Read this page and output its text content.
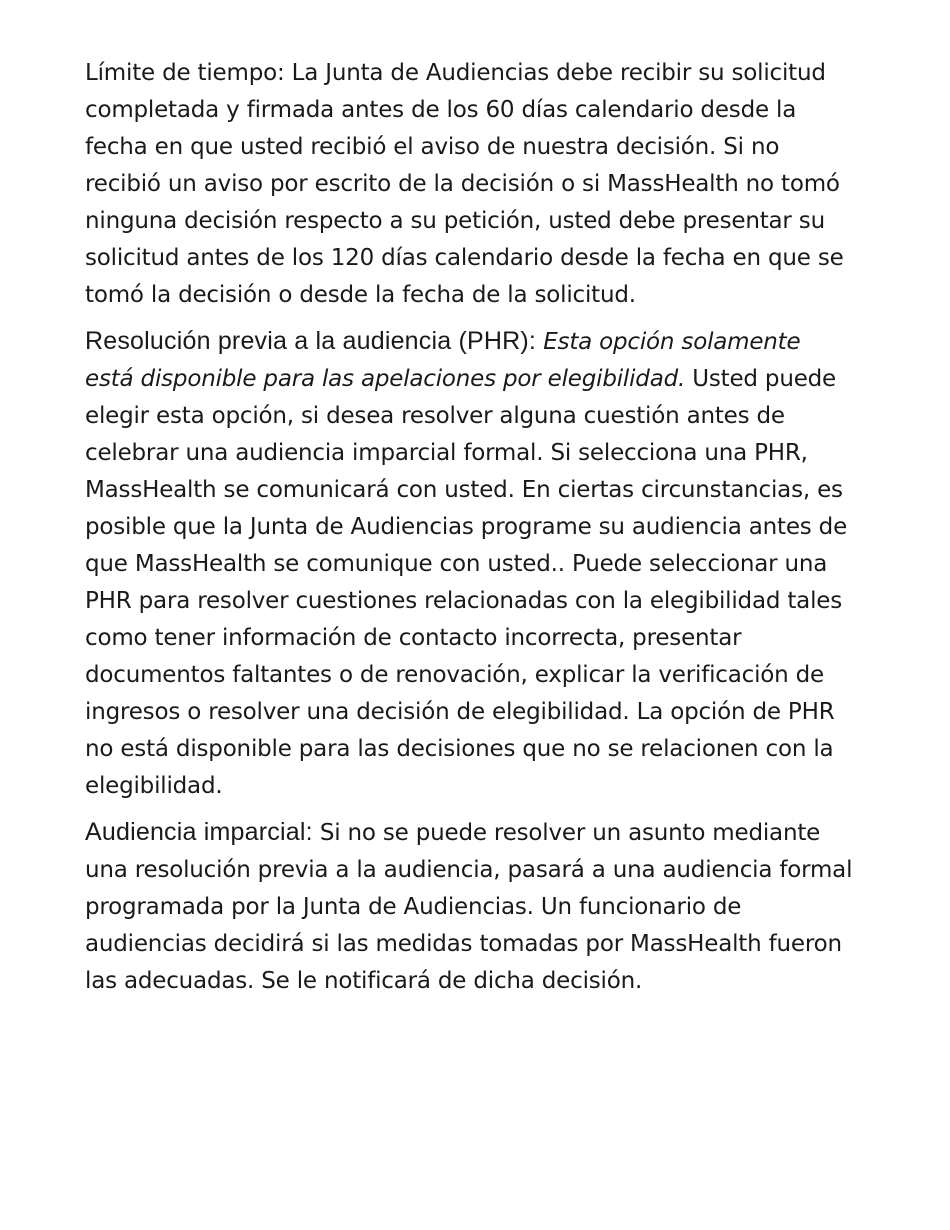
Límite de tiempo: La Junta de Audiencias debe recibir su solicitud completada y firmada antes de los 60 días calendario desde la fecha en que usted recibió el aviso de nuestra decisión. Si no recibió un aviso por escrito de la decisión o si MassHealth no tomó ninguna decisión respecto a su petición, usted debe presentar su solicitud antes de los 120 días calendario desde la fecha en que se tomó la decisión o desde la fecha de la solicitud.

Resolución previa a la audiencia (PHR): Esta opción solamente está disponible para las apelaciones por elegibilidad. Usted puede elegir esta opción, si desea resolver alguna cuestión antes de celebrar una audiencia imparcial formal. Si selecciona una PHR, MassHealth se comunicará con usted. En ciertas circunstancias, es posible que la Junta de Audiencias programe su audiencia antes de que MassHealth se comunique con usted.. Puede seleccionar una PHR para resolver cuestiones relacionadas con la elegibilidad tales como tener información de contacto incorrecta, presentar documentos faltantes o de renovación, explicar la verificación de ingresos o resolver una decisión de elegibilidad. La opción de PHR no está disponible para las decisiones que no se relacionen con la elegibilidad.

Audiencia imparcial: Si no se puede resolver un asunto mediante una resolución previa a la audiencia, pasará a una audiencia formal programada por la Junta de Audiencias. Un funcionario de audiencias decidirá si las medidas tomadas por MassHealth fueron las adecuadas. Se le notificará de dicha decisión.
